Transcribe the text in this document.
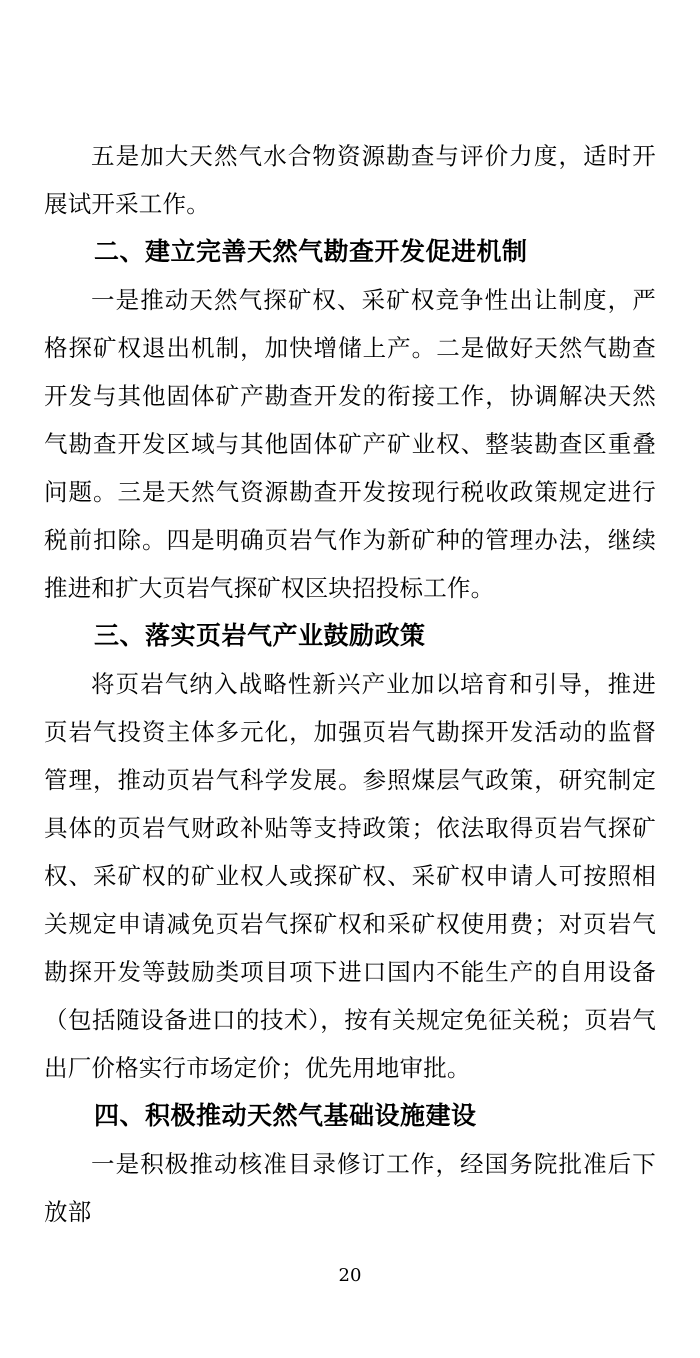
五是加大天然气水合物资源勘查与评价力度，适时开展试开采工作。

二、建立完善天然气勘查开发促进机制

一是推动天然气探矿权、采矿权竞争性出让制度，严格探矿权退出机制，加快增储上产。二是做好天然气勘查开发与其他固体矿产勘查开发的衔接工作，协调解决天然气勘查开发区域与其他固体矿产矿业权、整装勘查区重叠问题。三是天然气资源勘查开发按现行税收政策规定进行税前扣除。四是明确页岩气作为新矿种的管理办法，继续推进和扩大页岩气探矿权区块招投标工作。

三、落实页岩气产业鼓励政策

将页岩气纳入战略性新兴产业加以培育和引导，推进页岩气投资主体多元化，加强页岩气勘探开发活动的监督管理，推动页岩气科学发展。参照煤层气政策，研究制定具体的页岩气财政补贴等支持政策；依法取得页岩气探矿权、采矿权的矿业权人或探矿权、采矿权申请人可按照相关规定申请减免页岩气探矿权和采矿权使用费；对页岩气勘探开发等鼓励类项目项下进口国内不能生产的自用设备（包括随设备进口的技术），按有关规定免征关税；页岩气出厂价格实行市场定价；优先用地审批。

四、积极推动天然气基础设施建设

一是积极推动核准目录修订工作，经国务院批准后下放部

20
